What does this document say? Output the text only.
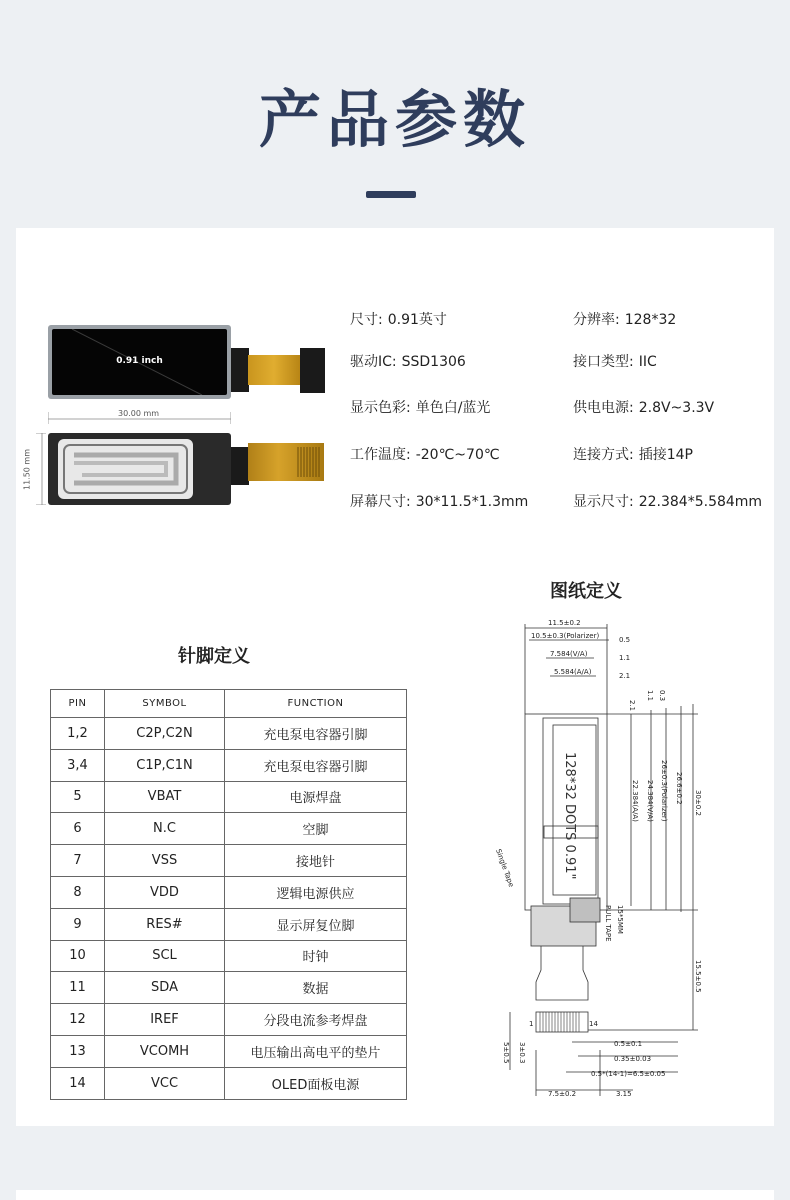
产品参数
0.91 inch
30.00 mm
11.50 mm
尺寸: 0.91英寸	分辨率: 128*32
驱动IC: SSD1306	接口类型: IIC
显示色彩: 单色白/蓝光	供电电源: 2.8V~3.3V
工作温度: -20℃~70℃	连接方式: 插接14P
屏幕尺寸: 30*11.5*1.3mm	显示尺寸: 22.384*5.584mm
针脚定义
图纸定义
PIN	SYMBOL	FUNCTION
1,2	C2P,C2N	充电泵电容器引脚
3,4	C1P,C1N	充电泵电容器引脚
5	VBAT	电源焊盘
6	N.C	空脚
7	VSS	接地针
8	VDD	逻辑电源供应
9	RES#	显示屏复位脚
10	SCL	时钟
11	SDA	数据
12	IREF	分段电流参考焊盘
13	VCOMH	电压输出高电平的垫片
14	VCC	OLED面板电源
128*32 DOTS 0.91"
11.5±0.2
10.5±0.3(Polarizer)	0.5
7.584(V/A)	1.1
5.584(A/A)	2.1
2.1
1.1 0.3
22.384(A/A) 24.384(V/A) 26±0.3(Polarizer) 26.6±0.2 30±0.2
15.5±0.5
0.5±0.1
0.35±0.03
0.5*(14-1)=6.5±0.05
7.5±0.2	3.15
3±0.3
5±0.5
Single Tape
PULL TAPE 15*5MM
1	14
